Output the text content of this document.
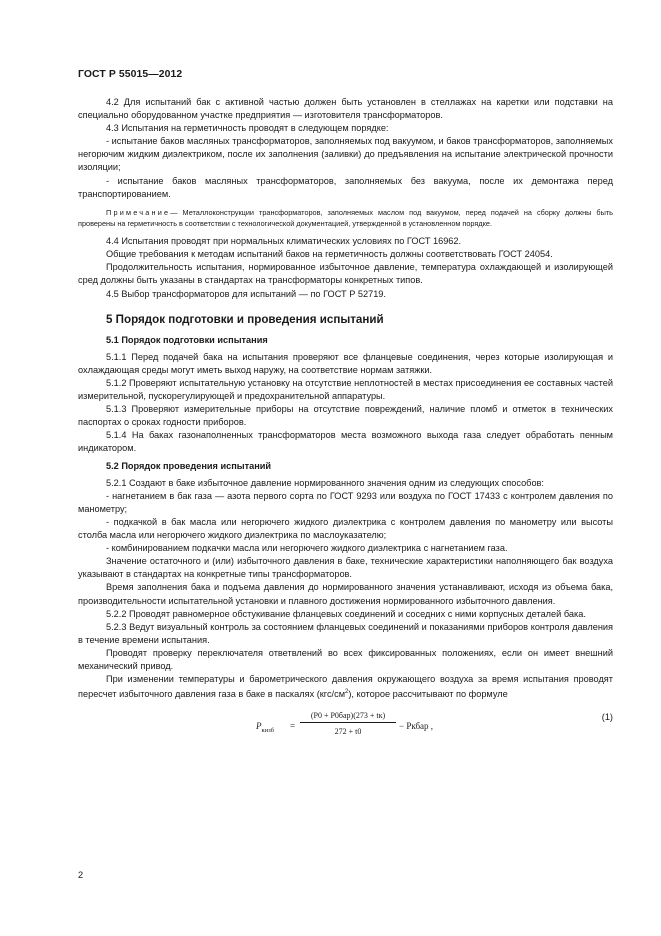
ГОСТ Р 55015—2012

4.2 Для испытаний бак с активной частью должен быть установлен в стеллажах на каретки или подставки на специально оборудованном участке предприятия — изготовителя трансформаторов.

4.3 Испытания на герметичность проводят в следующем порядке:

- испытание баков масляных трансформаторов, заполняемых под вакуумом, и баков трансформаторов, заполняемых негорючим жидким диэлектриком, после их заполнения (заливки) до предъявления на испытание электрической прочности изоляции;

- испытание баков масляных трансформаторов, заполняемых без вакуума, после их демонтажа перед транспортированием.

Примечание— Металлоконструкции трансформаторов, заполняемых маслом под вакуумом, перед подачей на сборку должны быть проверены на герметичность в соответствии с технологической документацией, утвержденной в установленном порядке.

4.4 Испытания проводят при нормальных климатических условиях по ГОСТ 16962.

Общие требования к методам испытаний баков на герметичность должны соответствовать ГОСТ 24054.

Продолжительность испытания, нормированное избыточное давление, температура охлаждающей и изолирующей сред должны быть указаны в стандартах на трансформаторы конкретных типов.

4.5 Выбор трансформаторов для испытаний — по ГОСТ Р 52719.

5 Порядок подготовки и проведения испытаний

5.1 Порядок подготовки испытания

5.1.1 Перед подачей бака на испытания проверяют все фланцевые соединения, через которые изолирующая и охлаждающая среды могут иметь выход наружу, на соответствие нормам затяжки.

5.1.2 Проверяют испытательную установку на отсутствие неплотностей в местах присоединения ее составных частей измерительной, пускорегулирующей и предохранительной аппаратуры.

5.1.3 Проверяют измерительные приборы на отсутствие повреждений, наличие пломб и отметок в технических паспортах о сроках годности приборов.

5.1.4 На баках газонаполненных трансформаторов места возможного выхода газа следует обработать пенным индикатором.

5.2 Порядок проведения испытаний

5.2.1 Создают в баке избыточное давление нормированного значения одним из следующих способов:

- нагнетанием в бак газа — азота первого сорта по ГОСТ 9293 или воздуха по ГОСТ 17433 с контролем давления по манометру;

- подкачкой в бак масла или негорючего жидкого диэлектрика с контролем давления по манометру или высоты столба масла или негорючего жидкого диэлектрика по маслоуказателю;

- комбинированием подкачки масла или негорючего жидкого диэлектрика с нагнетанием газа.

Значение остаточного и (или) избыточного давления в баке, технические характеристики наполняющего бак воздуха указывают в стандартах на конкретные типы трансформаторов.

Время заполнения бака и подъема давления до нормированного значения устанавливают, исходя из объема бака, производительности испытательной установки и плавного достижения нормированного избыточного давления.

5.2.2 Проводят равномерное обстукивание фланцевых соединений и соседних с ними корпусных деталей бака.

5.2.3 Ведут визуальный контроль за состоянием фланцевых соединений и показаниями приборов контроля давления в течение времени испытания.

Проводят проверку переключателя ответвлений во всех фиксированных положениях, если он имеет внешний механический привод.

При изменении температуры и барометрического давления окружающего воздуха за время испытания проводят пересчет избыточного давления газа в баке в паскалях $(кгс/см^2)$, которое рассчитывают по формуле

$P_{кизб}$ =
(P0 + P0бар)(273 + tк)
272 + t0
− Pкбар ,
(1)
2
